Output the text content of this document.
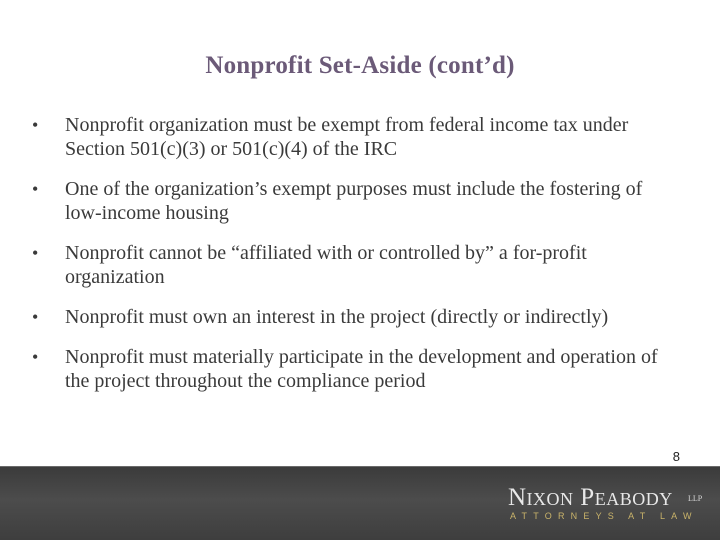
Nonprofit Set-Aside (cont’d)
• Nonprofit organization must be exempt from federal income tax under Section 501(c)(3) or 501(c)(4) of the IRC
• One of the organization’s exempt purposes must include the fostering of low-income housing
• Nonprofit cannot be “affiliated with or controlled by” a for-profit organization
• Nonprofit must own an interest in the project (directly or indirectly)
• Nonprofit must materially participate in the development and operation of the project throughout the compliance period
8
Nixon Peabody LLP
ATTORNEYS AT LAW
